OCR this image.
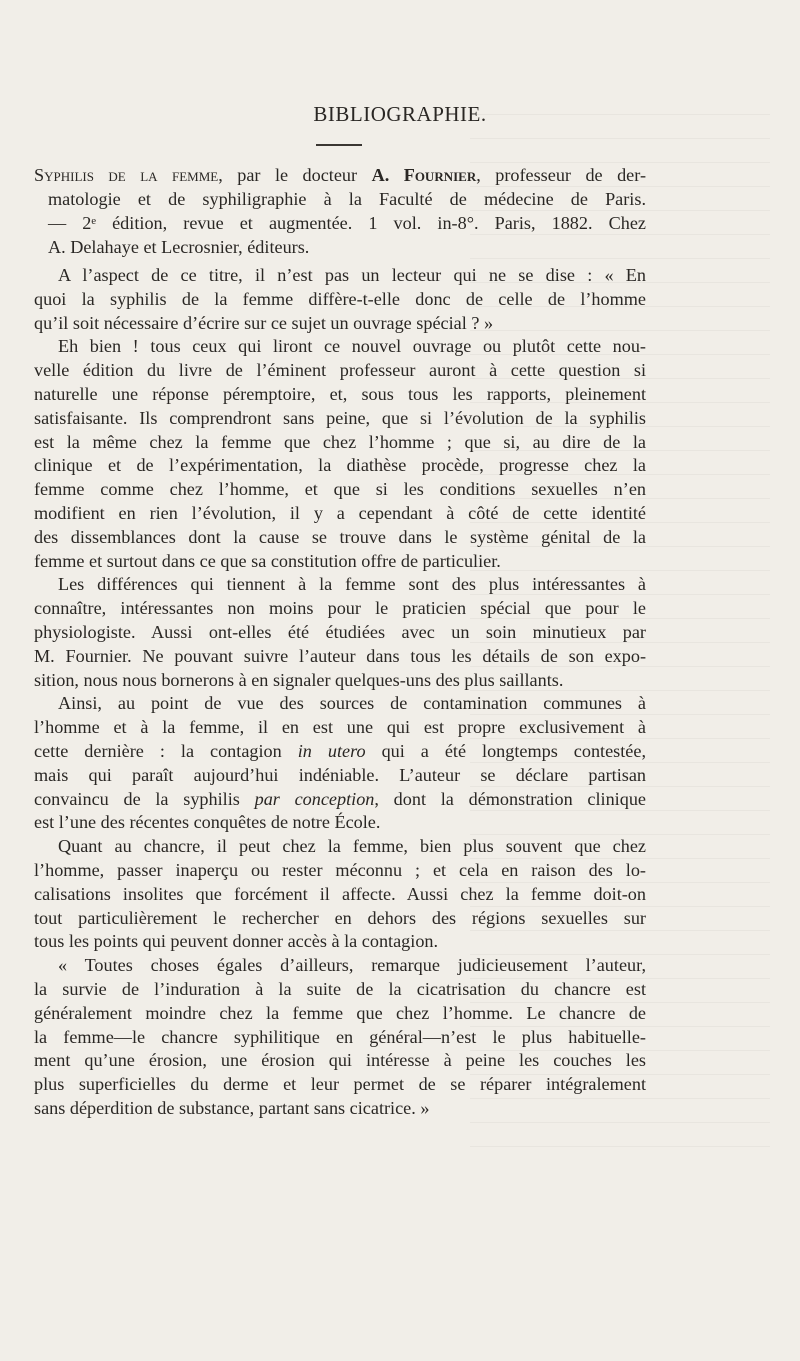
BIBLIOGRAPHIE.
Syphilis de la femme, par le docteur A. Fournier, professeur de der-
matologie et de syphiligraphie à la Faculté de médecine de Paris.
— 2ᵉ édition, revue et augmentée. 1 vol. in-8°. Paris, 1882. Chez
A. Delahaye et Lecrosnier, éditeurs.
A l’aspect de ce titre, il n’est pas un lecteur qui ne se dise : « En
quoi la syphilis de la femme diffère-t-elle donc de celle de l’homme
qu’il soit nécessaire d’écrire sur ce sujet un ouvrage spécial ? »
Eh bien ! tous ceux qui liront ce nouvel ouvrage ou plutôt cette nou-
velle édition du livre de l’éminent professeur auront à cette question si
naturelle une réponse péremptoire, et, sous tous les rapports, pleinement
satisfaisante. Ils comprendront sans peine, que si l’évolution de la syphilis
est la même chez la femme que chez l’homme ; que si, au dire de la
clinique et de l’expérimentation, la diathèse procède, progresse chez la
femme comme chez l’homme, et que si les conditions sexuelles n’en
modifient en rien l’évolution, il y a cependant à côté de cette identité
des dissemblances dont la cause se trouve dans le système génital de la
femme et surtout dans ce que sa constitution offre de particulier.
Les différences qui tiennent à la femme sont des plus intéressantes à
connaître, intéressantes non moins pour le praticien spécial que pour le
physiologiste. Aussi ont-elles été étudiées avec un soin minutieux par
M. Fournier. Ne pouvant suivre l’auteur dans tous les détails de son expo-
sition, nous nous bornerons à en signaler quelques-uns des plus saillants.
Ainsi, au point de vue des sources de contamination communes à
l’homme et à la femme, il en est une qui est propre exclusivement à
cette dernière : la contagion in utero qui a été longtemps contestée,
mais qui paraît aujourd’hui indéniable. L’auteur se déclare partisan
convaincu de la syphilis par conception, dont la démonstration clinique
est l’une des récentes conquêtes de notre École.
Quant au chancre, il peut chez la femme, bien plus souvent que chez
l’homme, passer inaperçu ou rester méconnu ; et cela en raison des lo-
calisations insolites que forcément il affecte. Aussi chez la femme doit-on
tout particulièrement le rechercher en dehors des régions sexuelles sur
tous les points qui peuvent donner accès à la contagion.
« Toutes choses égales d’ailleurs, remarque judicieusement l’auteur,
la survie de l’induration à la suite de la cicatrisation du chancre est
généralement moindre chez la femme que chez l’homme. Le chancre de
la femme—le chancre syphilitique en général—n’est le plus habituelle-
ment qu’une érosion, une érosion qui intéresse à peine les couches les
plus superficielles du derme et leur permet de se réparer intégralement
sans déperdition de substance, partant sans cicatrice. »
